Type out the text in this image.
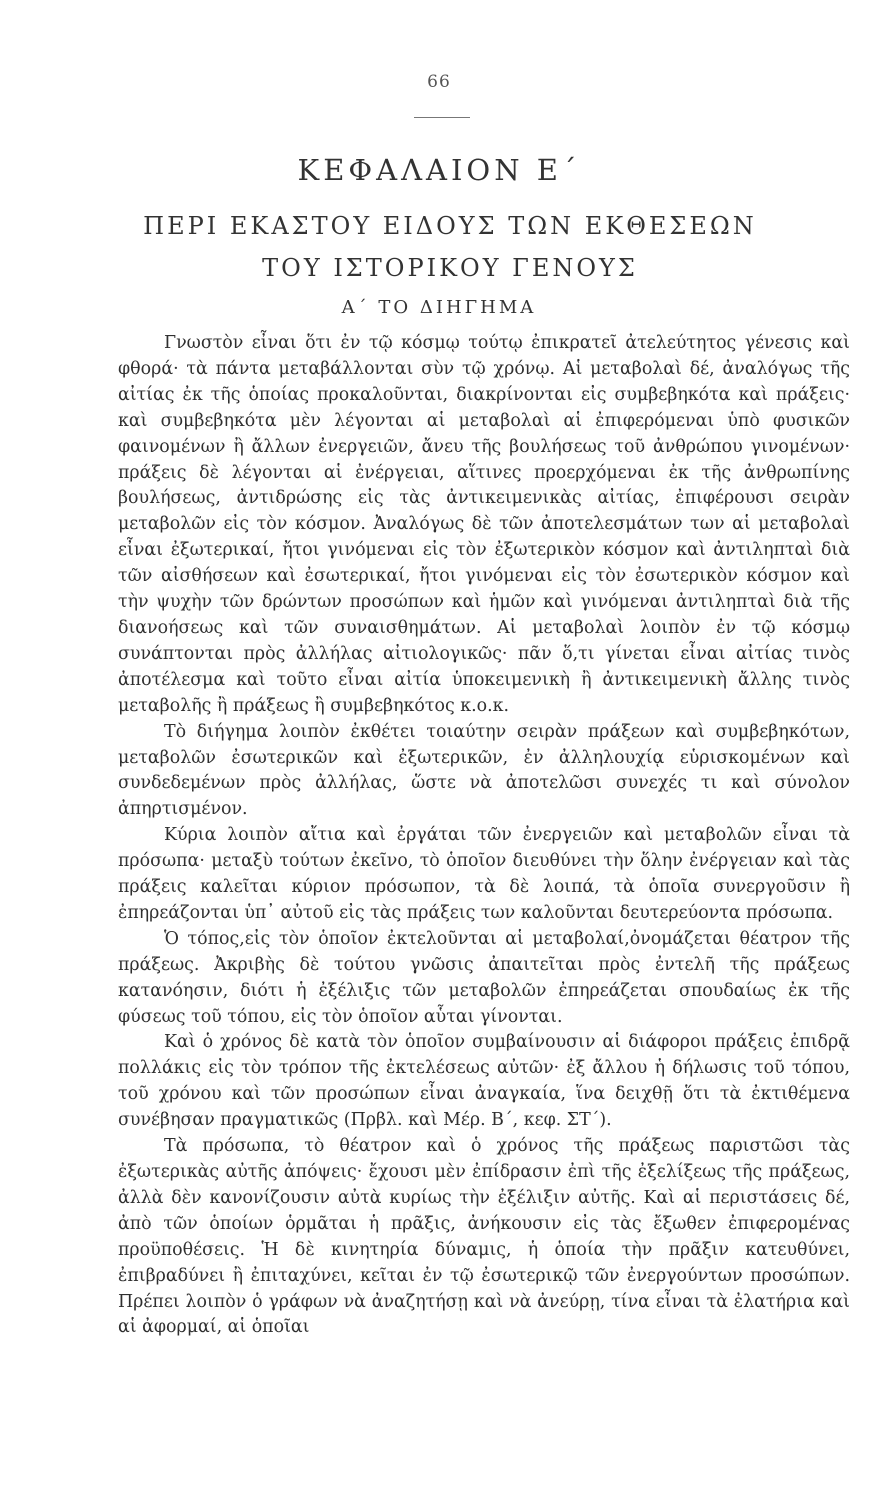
66
ΚΕΦΑΛΑΙΟΝ Ε΄
ΠΕΡΙ ΕΚΑΣΤΟΥ ΕΙΔΟΥΣ ΤΩΝ ΕΚΘΕΣΕΩΝ ΤΟΥ ΙΣΤΟΡΙΚΟΥ ΓΕΝΟΥΣ
Α΄ ΤΟ ΔΙΗΓΗΜΑ

Γνωστὸν εἶναι ὅτι ἐν τῷ κόσμῳ τούτῳ ἐπικρατεῖ ἀτελεύτητος γένεσις καὶ φθορά· τὰ πάντα μεταβάλλονται σὺν τῷ χρόνῳ. Αἱ μεταβολαὶ δέ, ἀναλόγως τῆς αἰτίας ἐκ τῆς ὁποίας προκαλοῦνται, διακρίνονται εἰς συμβεβηκότα καὶ πράξεις· καὶ συμβεβηκότα μὲν λέγονται αἱ μεταβολαὶ αἱ ἐπιφερόμεναι ὑπὸ φυσικῶν φαινομένων ἢ ἄλλων ἐνεργειῶν, ἄνευ τῆς βουλήσεως τοῦ ἀνθρώπου γινομένων· πράξεις δὲ λέγονται αἱ ἐνέργειαι, αἵτινες προερχόμεναι ἐκ τῆς ἀνθρωπίνης βουλήσεως, ἀντιδρώσης εἰς τὰς ἀντικειμενικὰς αἰτίας, ἐπιφέρουσι σειρὰν μεταβολῶν εἰς τὸν κόσμον. Ἀναλόγως δὲ τῶν ἀποτελεσμάτων των αἱ μεταβολαὶ εἶναι ἐξωτερικαί, ἤτοι γινόμεναι εἰς τὸν ἐξωτερικὸν κόσμον καὶ ἀντιληπταὶ διὰ τῶν αἰσθήσεων καὶ ἐσωτερικαί, ἤτοι γινόμεναι εἰς τὸν ἐσωτερικὸν κόσμον καὶ τὴν ψυχὴν τῶν δρώντων προσώπων καὶ ἡμῶν καὶ γινόμεναι ἀντιληπταὶ διὰ τῆς διανοήσεως καὶ τῶν συναισθημάτων. Αἱ μεταβολαὶ λοιπὸν ἐν τῷ κόσμῳ συνάπτονται πρὸς ἀλλήλας αἰτιολογικῶς· πᾶν ὅ,τι γίνεται εἶναι αἰτίας τινὸς ἀποτέλεσμα καὶ τοῦτο εἶναι αἰτία ὑποκειμενικὴ ἢ ἀντικειμενικὴ ἄλλης τινὸς μεταβολῆς ἢ πράξεως ἢ συμβεβηκότος κ.ο.κ.

Τὸ διήγημα λοιπὸν ἐκθέτει τοιαύτην σειρὰν πράξεων καὶ συμβεβηκότων, μεταβολῶν ἐσωτερικῶν καὶ ἐξωτερικῶν, ἐν ἀλληλουχίᾳ εὑρισκομένων καὶ συνδεδεμένων πρὸς ἀλλήλας, ὥστε νὰ ἀποτελῶσι συνεχές τι καὶ σύνολον ἀπηρτισμένον.

Κύρια λοιπὸν αἴτια καὶ ἐργάται τῶν ἐνεργειῶν καὶ μεταβολῶν εἶναι τὰ πρόσωπα· μεταξὺ τούτων ἐκεῖνο, τὸ ὁποῖον διευθύνει τὴν ὅλην ἐνέργειαν καὶ τὰς πράξεις καλεῖται κύριον πρόσωπον, τὰ δὲ λοιπά, τὰ ὁποῖα συνεργοῦσιν ἢ ἐπηρεάζονται ὑπ᾽ αὐτοῦ εἰς τὰς πράξεις των καλοῦνται δευτερεύοντα πρόσωπα.

Ὁ τόπος,εἰς τὸν ὁποῖον ἐκτελοῦνται αἱ μεταβολαί,ὀνομάζεται θέατρον τῆς πράξεως. Ἀκριβὴς δὲ τούτου γνῶσις ἀπαιτεῖται πρὸς ἐντελῆ τῆς πράξεως κατανόησιν, διότι ἡ ἐξέλιξις τῶν μεταβολῶν ἐπηρεάζεται σπουδαίως ἐκ τῆς φύσεως τοῦ τόπου, εἰς τὸν ὁποῖον αὗται γίνονται.

Καὶ ὁ χρόνος δὲ κατὰ τὸν ὁποῖον συμβαίνουσιν αἱ διάφοροι πράξεις ἐπιδρᾷ πολλάκις εἰς τὸν τρόπον τῆς ἐκτελέσεως αὐτῶν· ἐξ ἄλλου ἡ δήλωσις τοῦ τόπου, τοῦ χρόνου καὶ τῶν προσώπων εἶναι ἀναγκαία, ἵνα δειχθῇ ὅτι τὰ ἐκτιθέμενα συνέβησαν πραγματικῶς (Πρβλ. καὶ Μέρ. Β΄, κεφ. ΣΤ΄).

Τὰ πρόσωπα, τὸ θέατρον καὶ ὁ χρόνος τῆς πράξεως παριστῶσι τὰς ἐξωτερικὰς αὐτῆς ἀπόψεις· ἔχουσι μὲν ἐπίδρασιν ἐπὶ τῆς ἐξελίξεως τῆς πράξεως, ἀλλὰ δὲν κανονίζουσιν αὐτὰ κυρίως τὴν ἐξέλιξιν αὐτῆς. Καὶ αἱ περιστάσεις δέ, ἀπὸ τῶν ὁποίων ὁρμᾶται ἡ πρᾶξις, ἀνήκουσιν εἰς τὰς ἔξωθεν ἐπιφερομένας προϋποθέσεις. Ἡ δὲ κινητηρία δύναμις, ἡ ὁποία τὴν πρᾶξιν κατευθύνει, ἐπιβραδύνει ἢ ἐπιταχύνει, κεῖται ἐν τῷ ἐσωτερικῷ τῶν ἐνεργούντων προσώπων. Πρέπει λοιπὸν ὁ γράφων νὰ ἀναζητήσῃ καὶ νὰ ἀνεύρῃ, τίνα εἶναι τὰ ἐλατήρια καὶ αἱ ἀφορμαί, αἱ ὁποῖαι
